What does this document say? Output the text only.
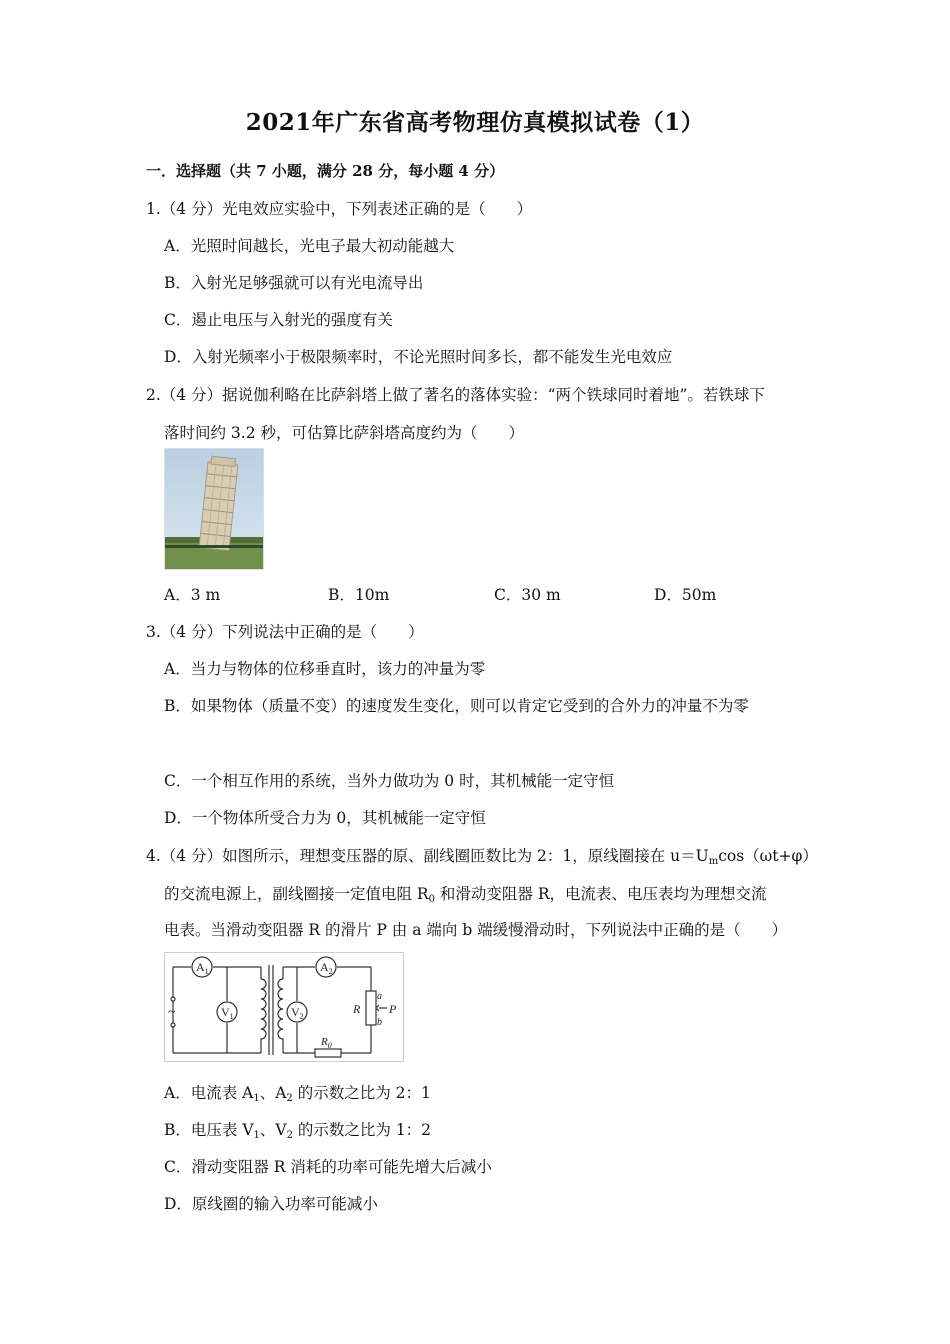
2021年广东省高考物理仿真模拟试卷（1）
一．选择题（共 7 小题，满分 28 分，每小题 4 分）
1.（4 分）光电效应实验中，下列表述正确的是（　　）
A．光照时间越长，光电子最大初动能越大
B．入射光足够强就可以有光电流导出
C．遏止电压与入射光的强度有关
D．入射光频率小于极限频率时，不论光照时间多长，都不能发生光电效应
2.（4 分）据说伽利略在比萨斜塔上做了著名的落体实验：“两个铁球同时着地”。若铁球下
落时间约 3.2 秒，可估算比萨斜塔高度约为（　　）
A．3 m	B．10m	C．30 m	D．50m
3.（4 分）下列说法中正确的是（　　）
A．当力与物体的位移垂直时，该力的冲量为零
B．如果物体（质量不变）的速度发生变化，则可以肯定它受到的合外力的冲量不为零
C．一个相互作用的系统，当外力做功为 0 时，其机械能一定守恒
D．一个物体所受合力为 0，其机械能一定守恒
4.（4 分）如图所示，理想变压器的原、副线圈匝数比为 2：1，原线圈接在 $u=U_m\cos(\omega t+\varphi)$
的交流电源上，副线圈接一定值电阻 $R_0$ 和滑动变阻器 R，电流表、电压表均为理想交流
电表。当滑动变阻器 R 的滑片 P 由 a 端向 b 端缓慢滑动时，下列说法中正确的是（　　）
$A_1$
$V_1$
$A_2$
$V_2$
~	R P
a
b
$R_0$
A．电流表 $A_1$、$A_2$ 的示数之比为 2：1
B．电压表 $V_1$、$V_2$ 的示数之比为 1：2
C．滑动变阻器 R 消耗的功率可能先增大后减小
D．原线圈的输入功率可能减小
